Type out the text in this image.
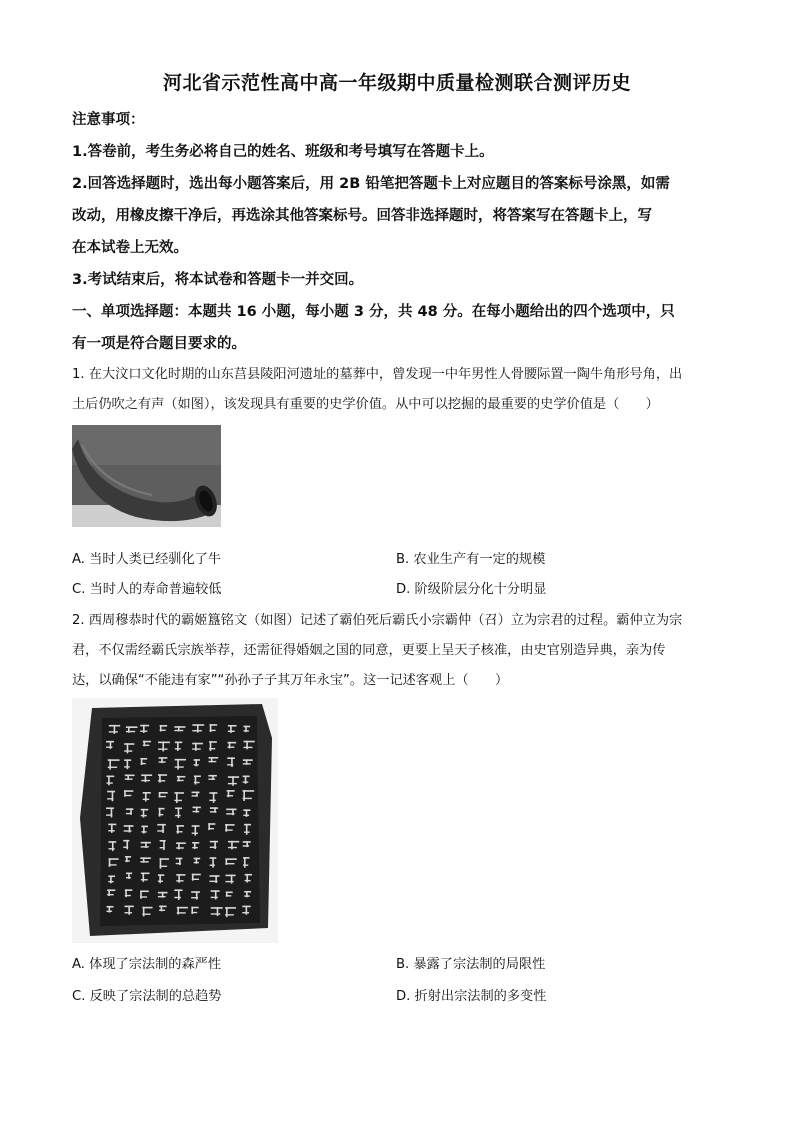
河北省示范性高中高一年级期中质量检测联合测评历史
注意事项：
1.答卷前，考生务必将自己的姓名、班级和考号填写在答题卡上。
2.回答选择题时，选出每小题答案后，用 2B 铅笔把答题卡上对应题目的答案标号涂黑，如需
改动，用橡皮擦干净后，再选涂其他答案标号。回答非选择题时，将答案写在答题卡上，写
在本试卷上无效。
3.考试结束后，将本试卷和答题卡一并交回。
一、单项选择题：本题共 16 小题，每小题 3 分，共 48 分。在每小题给出的四个选项中，只
有一项是符合题目要求的。
1. 在大汶口文化时期的山东莒县陵阳河遗址的墓葬中，曾发现一中年男性人骨腰际置一陶牛角形号角，出
土后仍吹之有声（如图），该发现具有重要的史学价值。从中可以挖掘的最重要的史学价值是（　　）
A. 当时人类已经驯化了牛	B. 农业生产有一定的规模
C. 当时人的寿命普遍较低	D. 阶级阶层分化十分明显
2. 西周穆恭时代的霸姬簋铭文（如图）记述了霸伯死后霸氏小宗霸仲（召）立为宗君的过程。霸仲立为宗
君，不仅需经霸氏宗族举荐，还需征得婚姻之国的同意，更要上呈天子核准，由史官别造异典，亲为传
达，以确保“不能违有家”“孙孙子子其万年永宝”。这一记述客观上（　　）
A. 体现了宗法制的森严性	B. 暴露了宗法制的局限性
C. 反映了宗法制的总趋势	D. 折射出宗法制的多变性
